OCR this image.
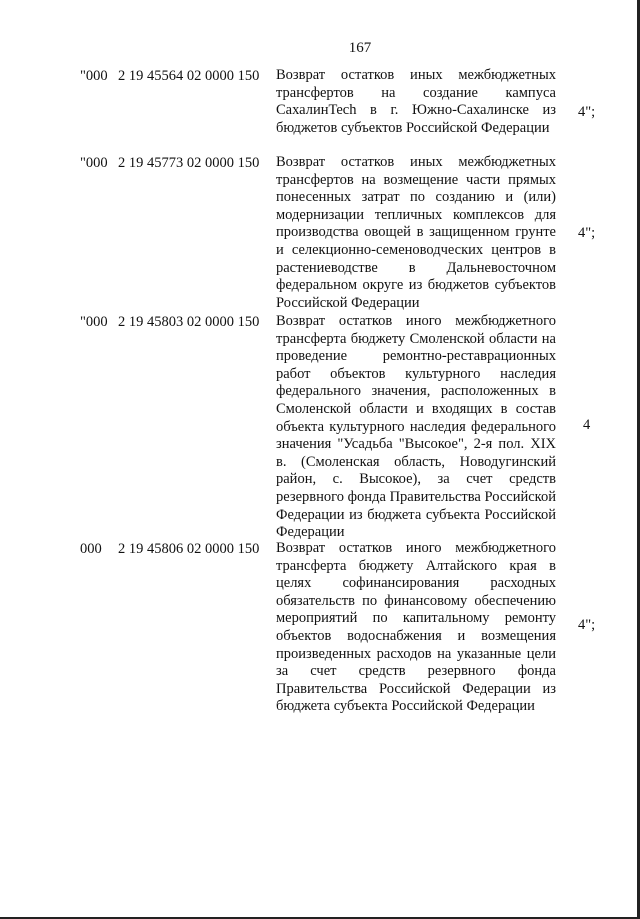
167
"000 2 19 45564 02 0000 150 Возврат остатков иных межбюджетных трансфертов на создание кампуса СахалинTech в г. Южно-Сахалинске из бюджетов субъектов Российской Федерации
4";
"000 2 19 45773 02 0000 150 Возврат остатков иных межбюджетных трансфертов на возмещение части прямых понесенных затрат по созданию и (или) модернизации тепличных комплексов для производства овощей в защищенном грунте и селекционно-семеноводческих центров в растениеводстве в Дальневосточном федеральном округе из бюджетов субъектов Российской Федерации
4";
"000 2 19 45803 02 0000 150 Возврат остатков иного межбюджетного трансферта бюджету Смоленской области на проведение ремонтно-реставрационных работ объектов культурного наследия федерального значения, расположенных в Смоленской области и входящих в состав объекта культурного наследия федерального значения "Усадьба "Высокое", 2-я пол. XIX в. (Смоленская область, Новодугинский район, с. Высокое), за счет средств резервного фонда Правительства Российской Федерации из бюджета субъекта Российской Федерации
4
000 2 19 45806 02 0000 150 Возврат остатков иного межбюджетного трансферта бюджету Алтайского края в целях софинансирования расходных обязательств по финансовому обеспечению мероприятий по капитальному ремонту объектов водоснабжения и возмещения произведенных расходов на указанные цели за счет средств резервного фонда Правительства Российской Федерации из бюджета субъекта Российской Федерации
4";
